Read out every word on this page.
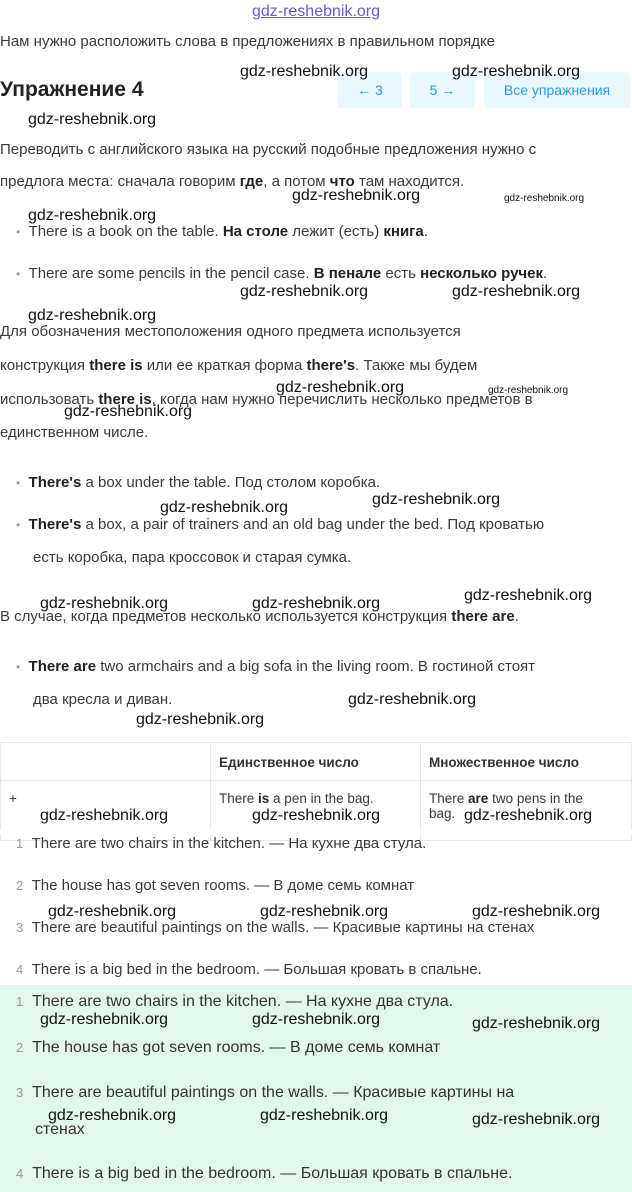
gdz-reshebnik.org
Нам нужно расположить слова в предложениях в правильном порядке
Упражнение 4	← 3	5 →	Все упражнения
Переводить с английского языка на русский подобные предложения нужно с
предлога места: сначала говорим где, а потом что там находится.
• There is a book on the table. На столе лежит (есть) книга.
• There are some pencils in the pencil case. В пенале есть несколько ручек.
Для обозначения местоположения одного предмета используется
конструкция there is или ее краткая форма there's. Также мы будем
использовать there is, когда нам нужно перечислить несколько предметов в
единственном числе.
• There's a box under the table. Под столом коробка.
• There's a box, a pair of trainers and an old bag under the bed. Под кроватью
есть коробка, пара кроссовок и старая сумка.
В случае, когда предметов несколько используется конструкция there are.
• There are two armchairs and a big sofa in the living room. В гостиной стоят
два кресла и диван.
	Единственное число	Множественное число
+	There is a pen in the bag.	There are two pens in the
bag.
1 There are two chairs in the kitchen. — На кухне два стула.
2 The house has got seven rooms. — В доме семь комнат
3 There are beautiful paintings on the walls. — Красивые картины на стенах
4 There is a big bed in the bedroom. — Большая кровать в спальне.
1 There are two chairs in the kitchen. — На кухне два стула.
2 The house has got seven rooms. — В доме семь комнат
3 There are beautiful paintings on the walls. — Красивые картины на
стенах
4 There is a big bed in the bedroom. — Большая кровать в спальне.
gdz-reshebnik.org	gdz-reshebnik.org
gdz-reshebnik.org
gdz-reshebnik.org	gdz-reshebnik.org
gdz-reshebnik.org
gdz-reshebnik.org	gdz-reshebnik.org
gdz-reshebnik.org
gdz-reshebnik.org	gdz-reshebnik.org
gdz-reshebnik.org
gdz-reshebnik.org	gdz-reshebnik.org
gdz-reshebnik.org	gdz-reshebnik.org	gdz-reshebnik.org
gdz-reshebnik.org
gdz-reshebnik.org
gdz-reshebnik.org	gdz-reshebnik.org	gdz-reshebnik.org
gdz-reshebnik.org	gdz-reshebnik.org	gdz-reshebnik.org
gdz-reshebnik.org	gdz-reshebnik.org	gdz-reshebnik.org
gdz-reshebnik.org	gdz-reshebnik.org	gdz-reshebnik.org
